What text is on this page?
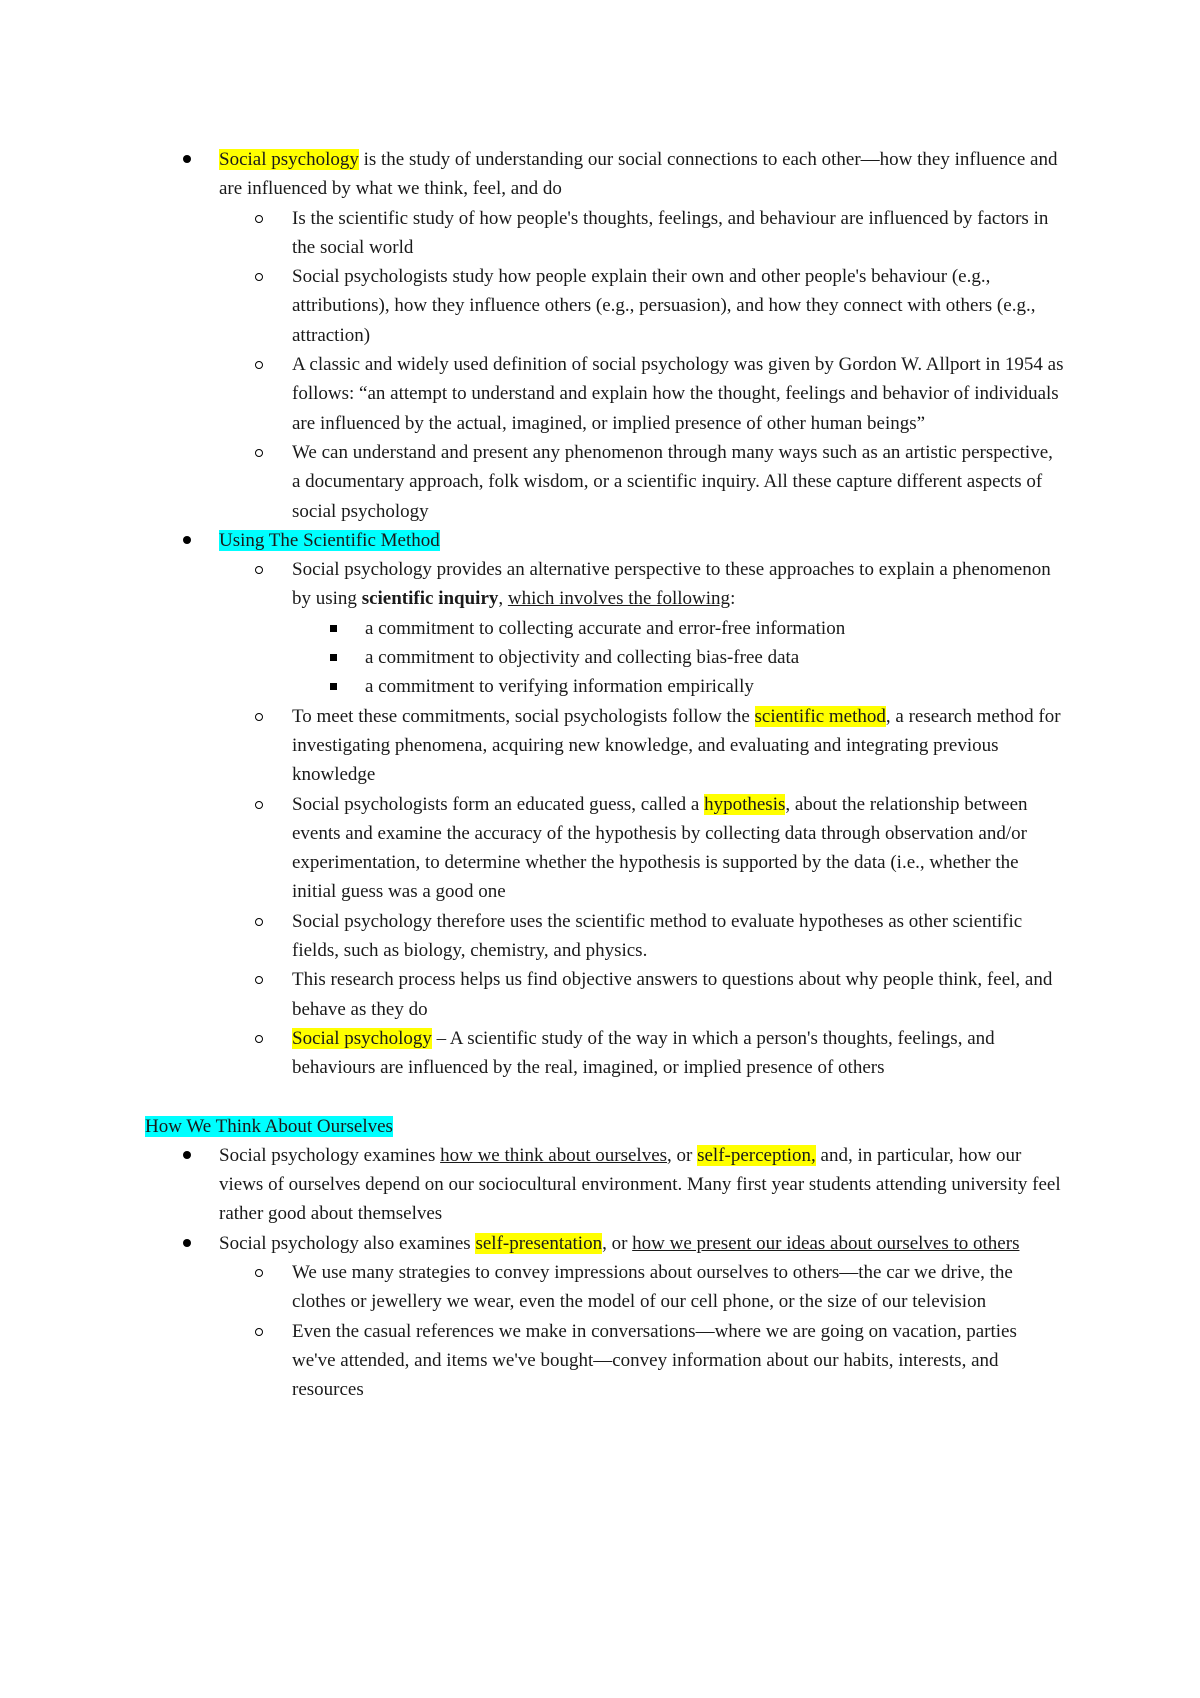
Social psychology is the study of understanding our social connections to each other—how they influence and are influenced by what we think, feel, and do
Is the scientific study of how people's thoughts, feelings, and behaviour are influenced by factors in the social world
Social psychologists study how people explain their own and other people's behaviour (e.g., attributions), how they influence others (e.g., persuasion), and how they connect with others (e.g., attraction)
A classic and widely used definition of social psychology was given by Gordon W. Allport in 1954 as follows: “an attempt to understand and explain how the thought, feelings and behavior of individuals are influenced by the actual, imagined, or implied presence of other human beings”
We can understand and present any phenomenon through many ways such as an artistic perspective, a documentary approach, folk wisdom, or a scientific inquiry. All these capture different aspects of social psychology
Using The Scientific Method
Social psychology provides an alternative perspective to these approaches to explain a phenomenon by using scientific inquiry, which involves the following:
a commitment to collecting accurate and error-free information
a commitment to objectivity and collecting bias-free data
a commitment to verifying information empirically
To meet these commitments, social psychologists follow the scientific method, a research method for investigating phenomena, acquiring new knowledge, and evaluating and integrating previous knowledge
Social psychologists form an educated guess, called a hypothesis, about the relationship between events and examine the accuracy of the hypothesis by collecting data through observation and/or experimentation, to determine whether the hypothesis is supported by the data (i.e., whether the initial guess was a good one
Social psychology therefore uses the scientific method to evaluate hypotheses as other scientific fields, such as biology, chemistry, and physics.
This research process helps us find objective answers to questions about why people think, feel, and behave as they do
Social psychology – A scientific study of the way in which a person's thoughts, feelings, and behaviours are influenced by the real, imagined, or implied presence of others

How We Think About Ourselves

Social psychology examines how we think about ourselves, or self-perception, and, in particular, how our views of ourselves depend on our sociocultural environment. Many first year students attending university feel rather good about themselves
Social psychology also examines self-presentation, or how we present our ideas about ourselves to others
We use many strategies to convey impressions about ourselves to others—the car we drive, the clothes or jewellery we wear, even the model of our cell phone, or the size of our television
Even the casual references we make in conversations—where we are going on vacation, parties we've attended, and items we've bought—convey information about our habits, interests, and resources
